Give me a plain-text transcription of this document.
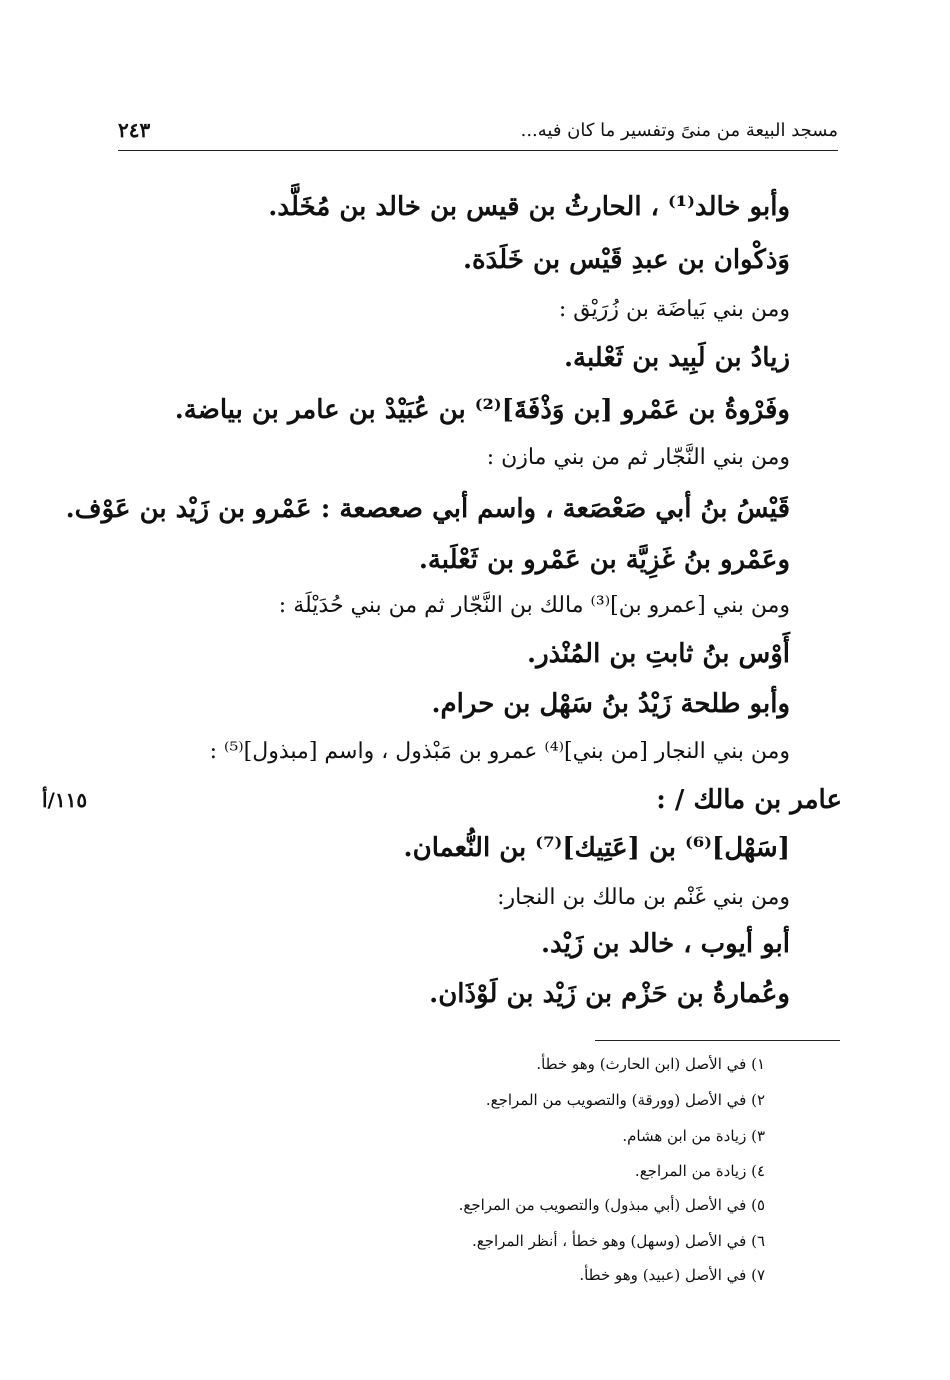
مسجد البيعة من منىً وتفسير ما كان فيه...
٢٤٣
وأبو خالد⁽¹⁾ ، الحارثُ بن قيس بن خالد بن مُخَلَّد.
وَذكْوان بن عبدِ قَيْس بن خَلَدَة.
ومن بني بَياضَة بن زُرَيْق :
زيادُ بن لَبِيد بن ثَعْلبة.
وفَرْوةُ بن عَمْرو [بن وَذْفَةَ]⁽²⁾ بن عُبَيْدْ بن عامر بن بياضة.
ومن بني النَّجّار ثم من بني مازن :
قَيْسُ بنُ أبي صَعْصَعة ، واسم أبي صعصعة : عَمْرو بن زَيْد بن عَوْف.
وعَمْرو بنُ غَزِيَّة بن عَمْرو بن ثَعْلَبة.
ومن بني [عمرو بن]⁽³⁾ مالك بن النَّجّار ثم من بني حُدَيْلَة :
أَوْس بنُ ثابتِ بن المُنْذر.
وأبو طلحة زَيْدُ بنُ سَهْل بن حرام.
ومن بني النجار [من بني]⁽⁴⁾ عمرو بن مَبْذول ، واسم [مبذول]⁽⁵⁾ :
عامر بن مالك / :
[سَهْل]⁽⁶⁾ بن [عَتِيك]⁽⁷⁾ بن النُّعمان.
ومن بني غَنْم بن مالك بن النجار:
أبو أيوب ، خالد بن زَيْد.
وعُمارةُ بن حَزْم بن زَيْد بن لَوْذَان.
١١٥/أ
١) في الأصل (ابن الحارث) وهو خطأ.
٢) في الأصل (وورقة) والتصويب من المراجع.
٣) زيادة من ابن هشام.
٤) زيادة من المراجع.
٥) في الأصل (أبي مبذول) والتصويب من المراجع.
٦) في الأصل (وسهل) وهو خطأ ، أنظر المراجع.
٧) في الأصل (عبيد) وهو خطأ.
